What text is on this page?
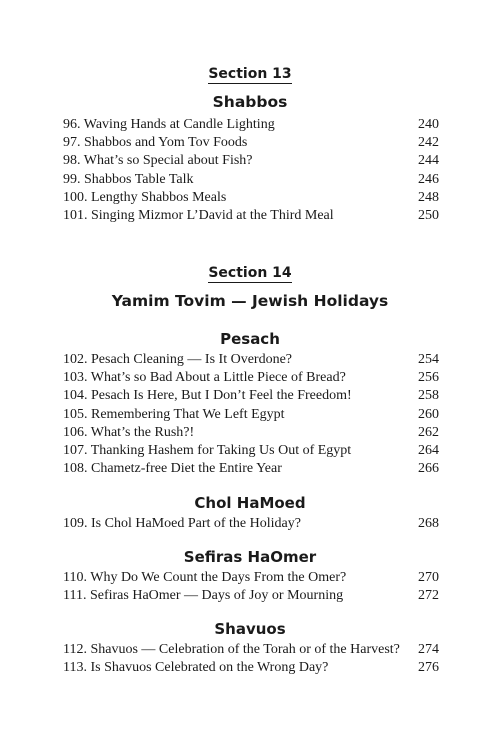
Section 13
Shabbos
96. Waving Hands at Candle Lighting	240
97. Shabbos and Yom Tov Foods	242
98. What’s so Special about Fish?	244
99. Shabbos Table Talk	246
100. Lengthy Shabbos Meals	248
101. Singing Mizmor L’David at the Third Meal	250
Section 14
Yamim Tovim — Jewish Holidays
Pesach
102. Pesach Cleaning — Is It Overdone?	254
103. What’s so Bad About a Little Piece of Bread?	256
104. Pesach Is Here, But I Don’t Feel the Freedom!	258
105. Remembering That We Left Egypt	260
106. What’s the Rush?!	262
107. Thanking Hashem for Taking Us Out of Egypt	264
108. Chametz-free Diet the Entire Year	266
Chol HaMoed
109. Is Chol HaMoed Part of the Holiday?	268
Sefiras HaOmer
110. Why Do We Count the Days From the Omer?	270
111. Sefiras HaOmer — Days of Joy or Mourning	272
Shavuos
112. Shavuos — Celebration of the Torah or of the Harvest? 274
113. Is Shavuos Celebrated on the Wrong Day?	276
